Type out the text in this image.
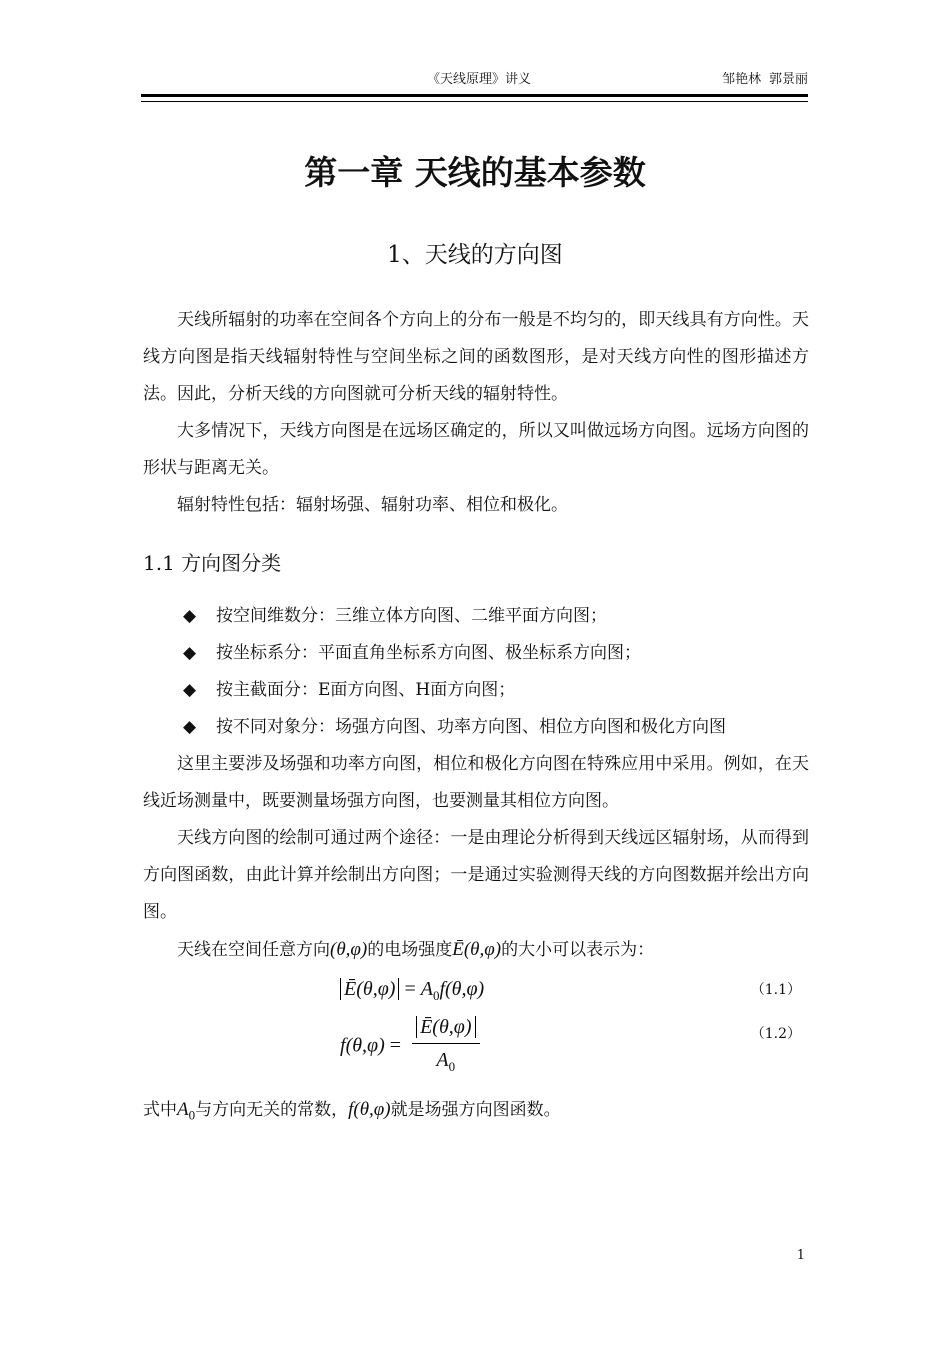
《天线原理》讲义	邹艳林 郭景丽
第一章 天线的基本参数
1、天线的方向图

天线所辐射的功率在空间各个方向上的分布一般是不均匀的，即天线具有方向性。天线方向图是指天线辐射特性与空间坐标之间的函数图形，是对天线方向性的图形描述方法。因此，分析天线的方向图就可分析天线的辐射特性。

大多情况下，天线方向图是在远场区确定的，所以又叫做远场方向图。远场方向图的形状与距离无关。

辐射特性包括：辐射场强、辐射功率、相位和极化。

1.1 方向图分类
◆ 按空间维数分：三维立体方向图、二维平面方向图；
◆ 按坐标系分：平面直角坐标系方向图、极坐标系方向图；
◆ 按主截面分：E面方向图、H面方向图；
◆ 按不同对象分：场强方向图、功率方向图、相位方向图和极化方向图

这里主要涉及场强和功率方向图，相位和极化方向图在特殊应用中采用。例如，在天线近场测量中，既要测量场强方向图，也要测量其相位方向图。

天线方向图的绘制可通过两个途径：一是由理论分析得到天线远区辐射场，从而得到方向图函数，由此计算并绘制出方向图；一是通过实验测得天线的方向图数据并绘出方向图。

天线在空间任意方向(θ,φ)的电场强度Ē(θ,φ)的大小可以表示为：

Ē(θ,φ) = $A_0f(\theta,\varphi)$	（1.1）
$f(\theta,\varphi) = \frac{Ē(\theta,\varphi)}{A_0}$	（1.2）
式中$A_0$与方向无关的常数，f(θ,φ)就是场强方向图函数。
1
